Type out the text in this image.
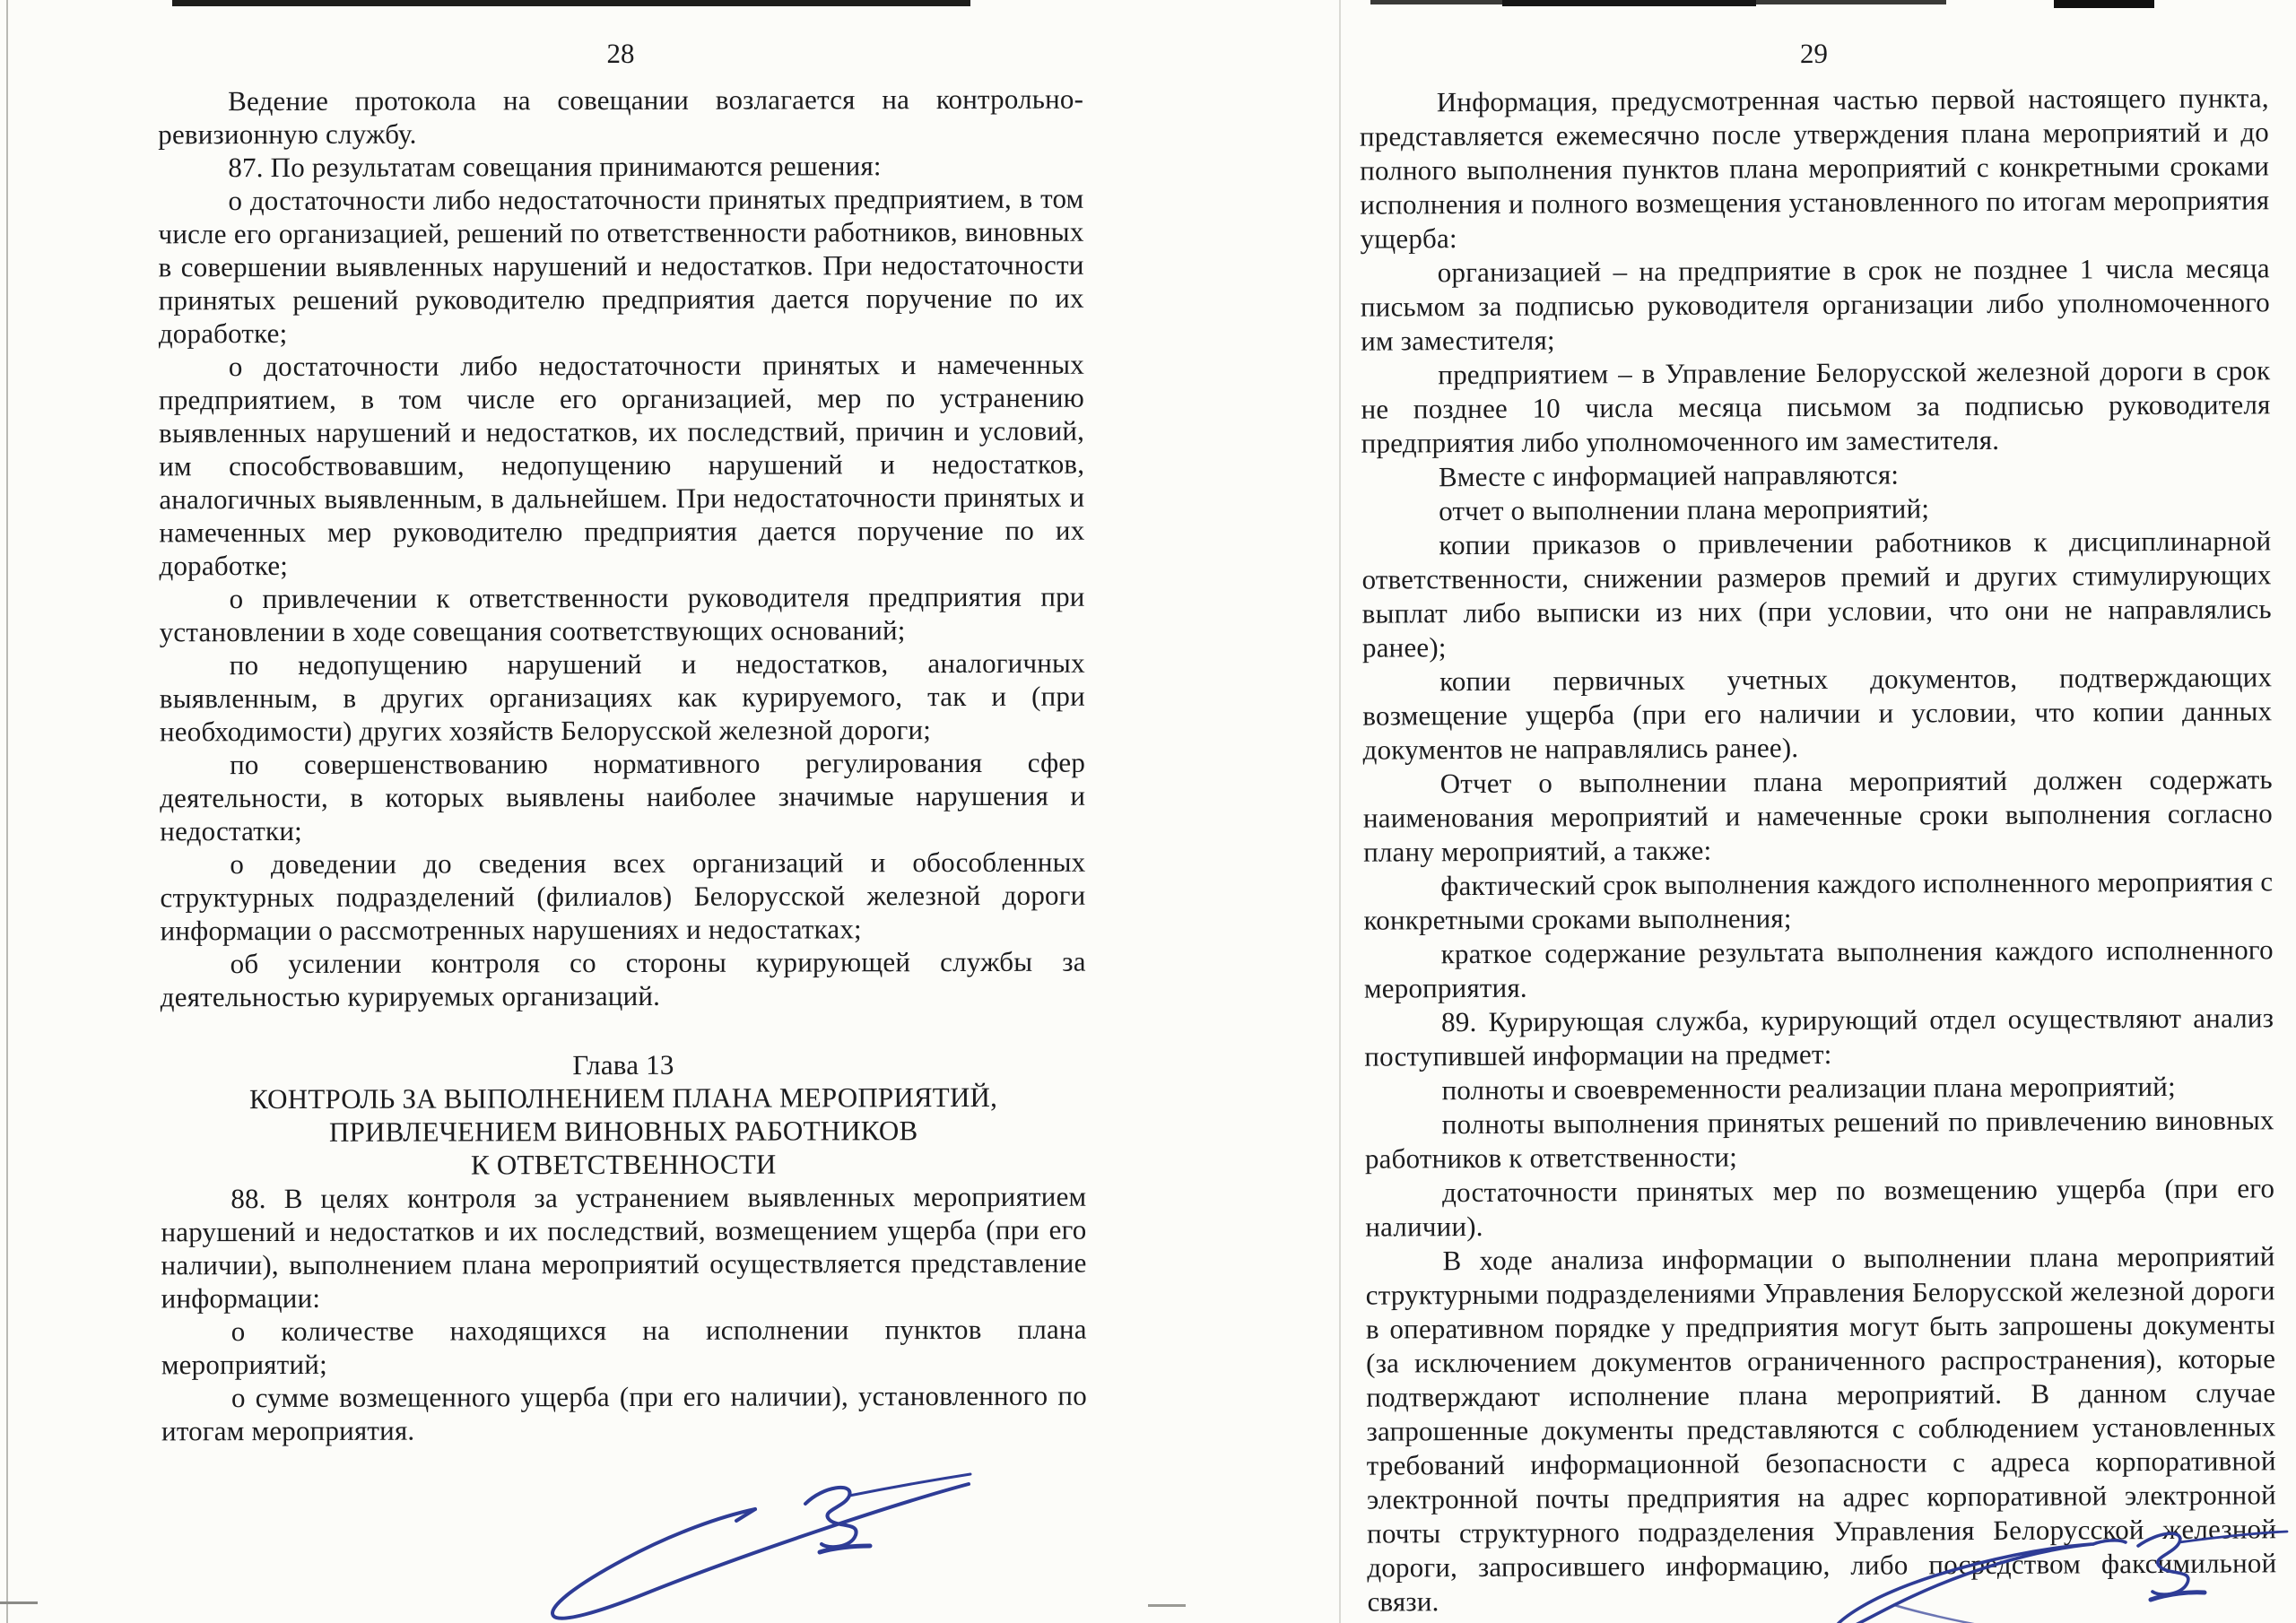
28

Ведение протокола на совещании возлагается на контрольно-ревизионную службу.

87. По результатам совещания принимаются решения:

о достаточности либо недостаточности принятых предприятием, в том числе его организацией, решений по ответственности работников, виновных в совершении выявленных нарушений и недостатков. При недостаточности принятых решений руководителю предприятия дается поручение по их доработке;

о достаточности либо недостаточности принятых и намеченных предприятием, в том числе его организацией, мер по устранению выявленных нарушений и недостатков, их последствий, причин и условий, им способствовавшим, недопущению нарушений и недостатков, аналогичных выявленным, в дальнейшем. При недостаточности принятых и намеченных мер руководителю предприятия дается поручение по их доработке;

о привлечении к ответственности руководителя предприятия при установлении в ходе совещания соответствующих оснований;

по недопущению нарушений и недостатков, аналогичных выявленным, в других организациях как курируемого, так и (при необходимости) других хозяйств Белорусской железной дороги;

по совершенствованию нормативного регулирования сфер деятельности, в которых выявлены наиболее значимые нарушения и недостатки;

о доведении до сведения всех организаций и обособленных структурных подразделений (филиалов) Белорусской железной дороги информации о рассмотренных нарушениях и недостатках;

об усилении контроля со стороны курирующей службы за деятельностью курируемых организаций.

Глава 13

КОНТРОЛЬ ЗА ВЫПОЛНЕНИЕМ ПЛАНА МЕРОПРИЯТИЙ,
ПРИВЛЕЧЕНИЕМ ВИНОВНЫХ РАБОТНИКОВ
К ОТВЕТСТВЕННОСТИ

88. В целях контроля за устранением выявленных мероприятием нарушений и недостатков и их последствий, возмещением ущерба (при его наличии), выполнением плана мероприятий осуществляется представление информации:

о количестве находящихся на исполнении пунктов плана мероприятий;

о сумме возмещенного ущерба (при его наличии), установленного по итогам мероприятия.

29

Информация, предусмотренная частью первой настоящего пункта, представляется ежемесячно после утверждения плана мероприятий и до полного выполнения пунктов плана мероприятий с конкретными сроками исполнения и полного возмещения установленного по итогам мероприятия ущерба:

организацией – на предприятие в срок не позднее 1 числа месяца письмом за подписью руководителя организации либо уполномоченного им заместителя;

предприятием – в Управление Белорусской железной дороги в срок не позднее 10 числа месяца письмом за подписью руководителя предприятия либо уполномоченного им заместителя.

Вместе с информацией направляются:

отчет о выполнении плана мероприятий;

копии приказов о привлечении работников к дисциплинарной ответственности, снижении размеров премий и других стимулирующих выплат либо выписки из них (при условии, что они не направлялись ранее);

копии первичных учетных документов, подтверждающих возмещение ущерба (при его наличии и условии, что копии данных документов не направлялись ранее).

Отчет о выполнении плана мероприятий должен содержать наименования мероприятий и намеченные сроки выполнения согласно плану мероприятий, а также:

фактический срок выполнения каждого исполненного мероприятия с конкретными сроками выполнения;

краткое содержание результата выполнения каждого исполненного мероприятия.

89. Курирующая служба, курирующий отдел осуществляют анализ поступившей информации на предмет:

полноты и своевременности реализации плана мероприятий;

полноты выполнения принятых решений по привлечению виновных работников к ответственности;

достаточности принятых мер по возмещению ущерба (при его наличии).

В ходе анализа информации о выполнении плана мероприятий структурными подразделениями Управления Белорусской железной дороги в оперативном порядке у предприятия могут быть запрошены документы (за исключением документов ограниченного распространения), которые подтверждают исполнение плана мероприятий. В данном случае запрошенные документы представляются с соблюдением установленных требований информационной безопасности с адреса корпоративной электронной почты предприятия на адрес корпоративной электронной почты структурного подразделения Управления Белорусской железной дороги, запросившего информацию, либо посредством факсимильной связи.
